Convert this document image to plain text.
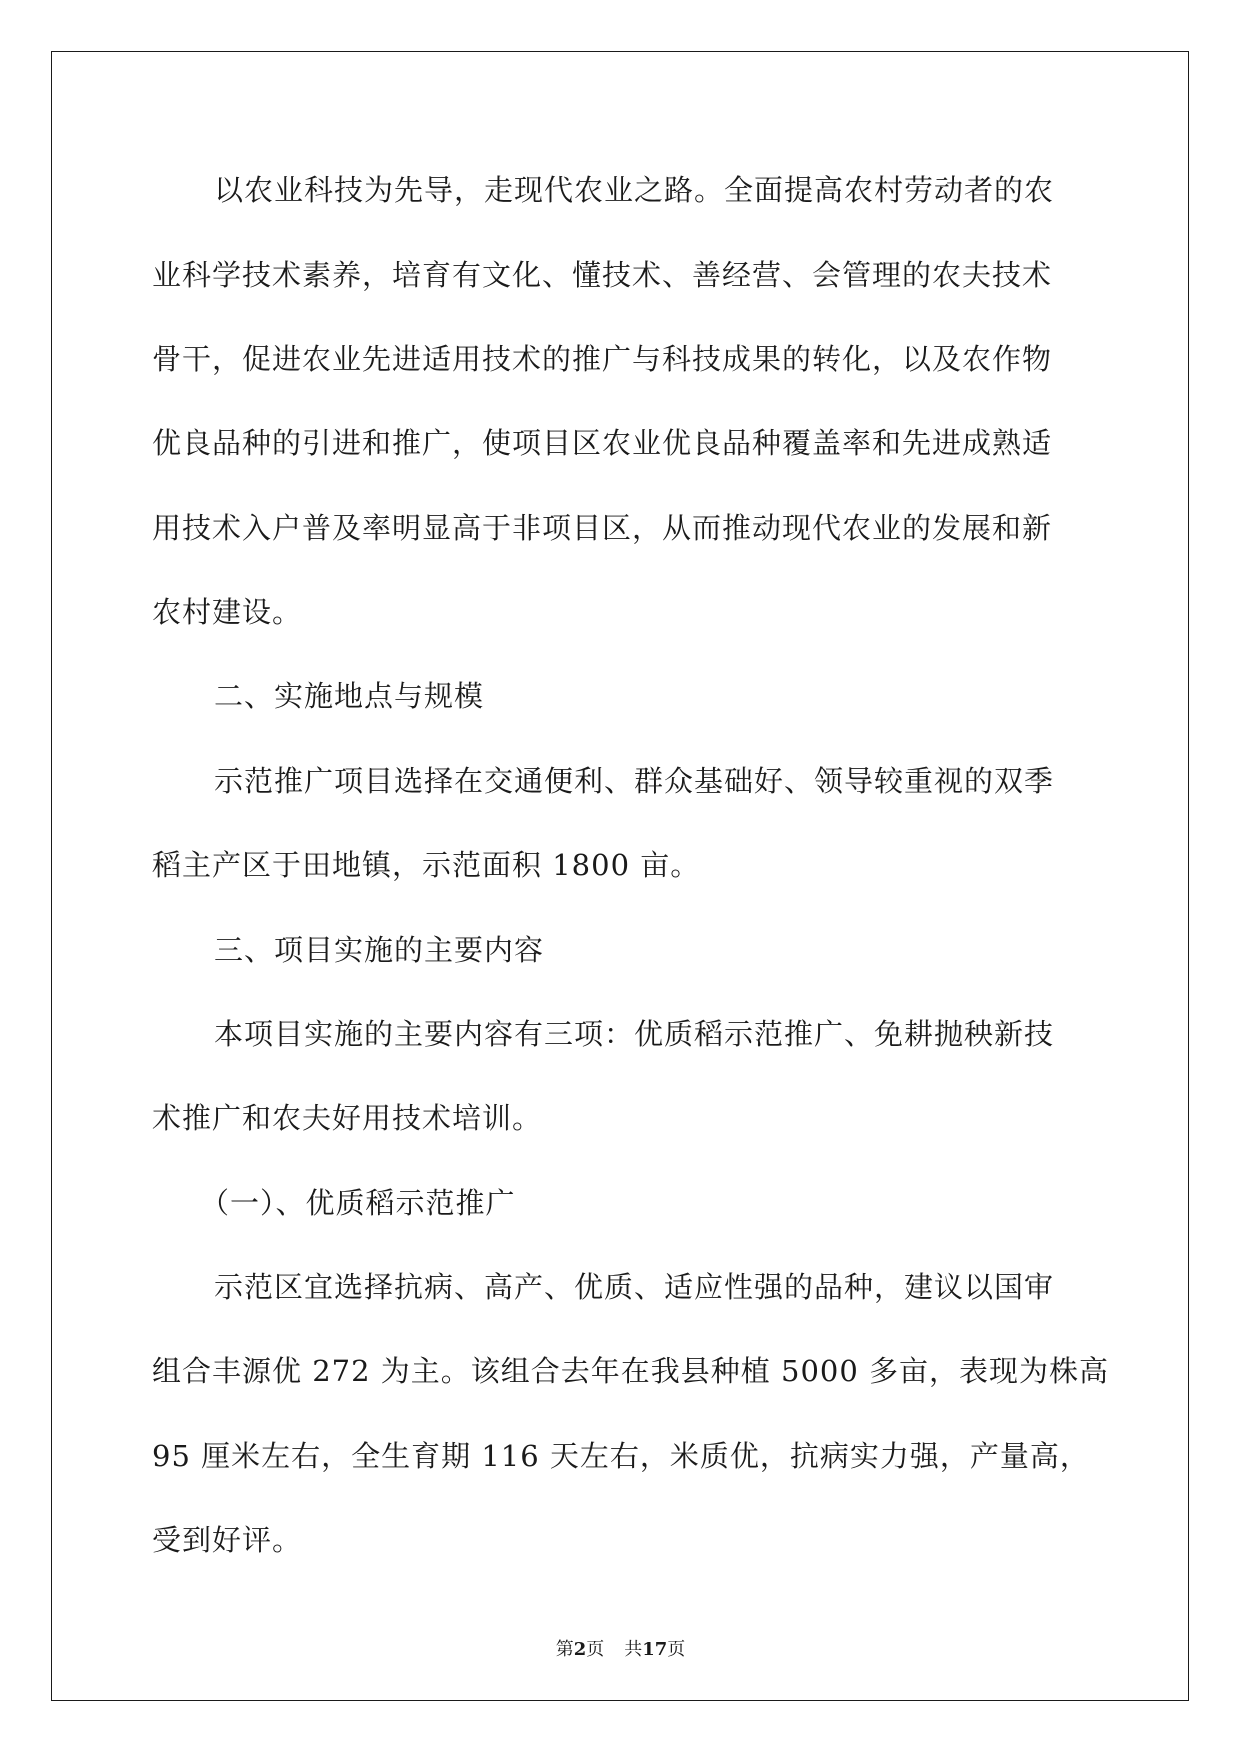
以农业科技为先导，走现代农业之路。全面提高农村劳动者的农
业科学技术素养，培育有文化、懂技术、善经营、会管理的农夫技术
骨干，促进农业先进适用技术的推广与科技成果的转化，以及农作物
优良品种的引进和推广，使项目区农业优良品种覆盖率和先进成熟适
用技术入户普及率明显高于非项目区，从而推动现代农业的发展和新
农村建设。
二、实施地点与规模
示范推广项目选择在交通便利、群众基础好、领导较重视的双季
稻主产区于田地镇，示范面积 1800 亩。
三、项目实施的主要内容
本项目实施的主要内容有三项：优质稻示范推广、免耕抛秧新技
术推广和农夫好用技术培训。
（一）、优质稻示范推广
示范区宜选择抗病、高产、优质、适应性强的品种，建议以国审
组合丰源优 272 为主。该组合去年在我县种植 5000 多亩，表现为株高
95 厘米左右，全生育期 116 天左右，米质优，抗病实力强，产量高，
受到好评。
第2页 共17页
